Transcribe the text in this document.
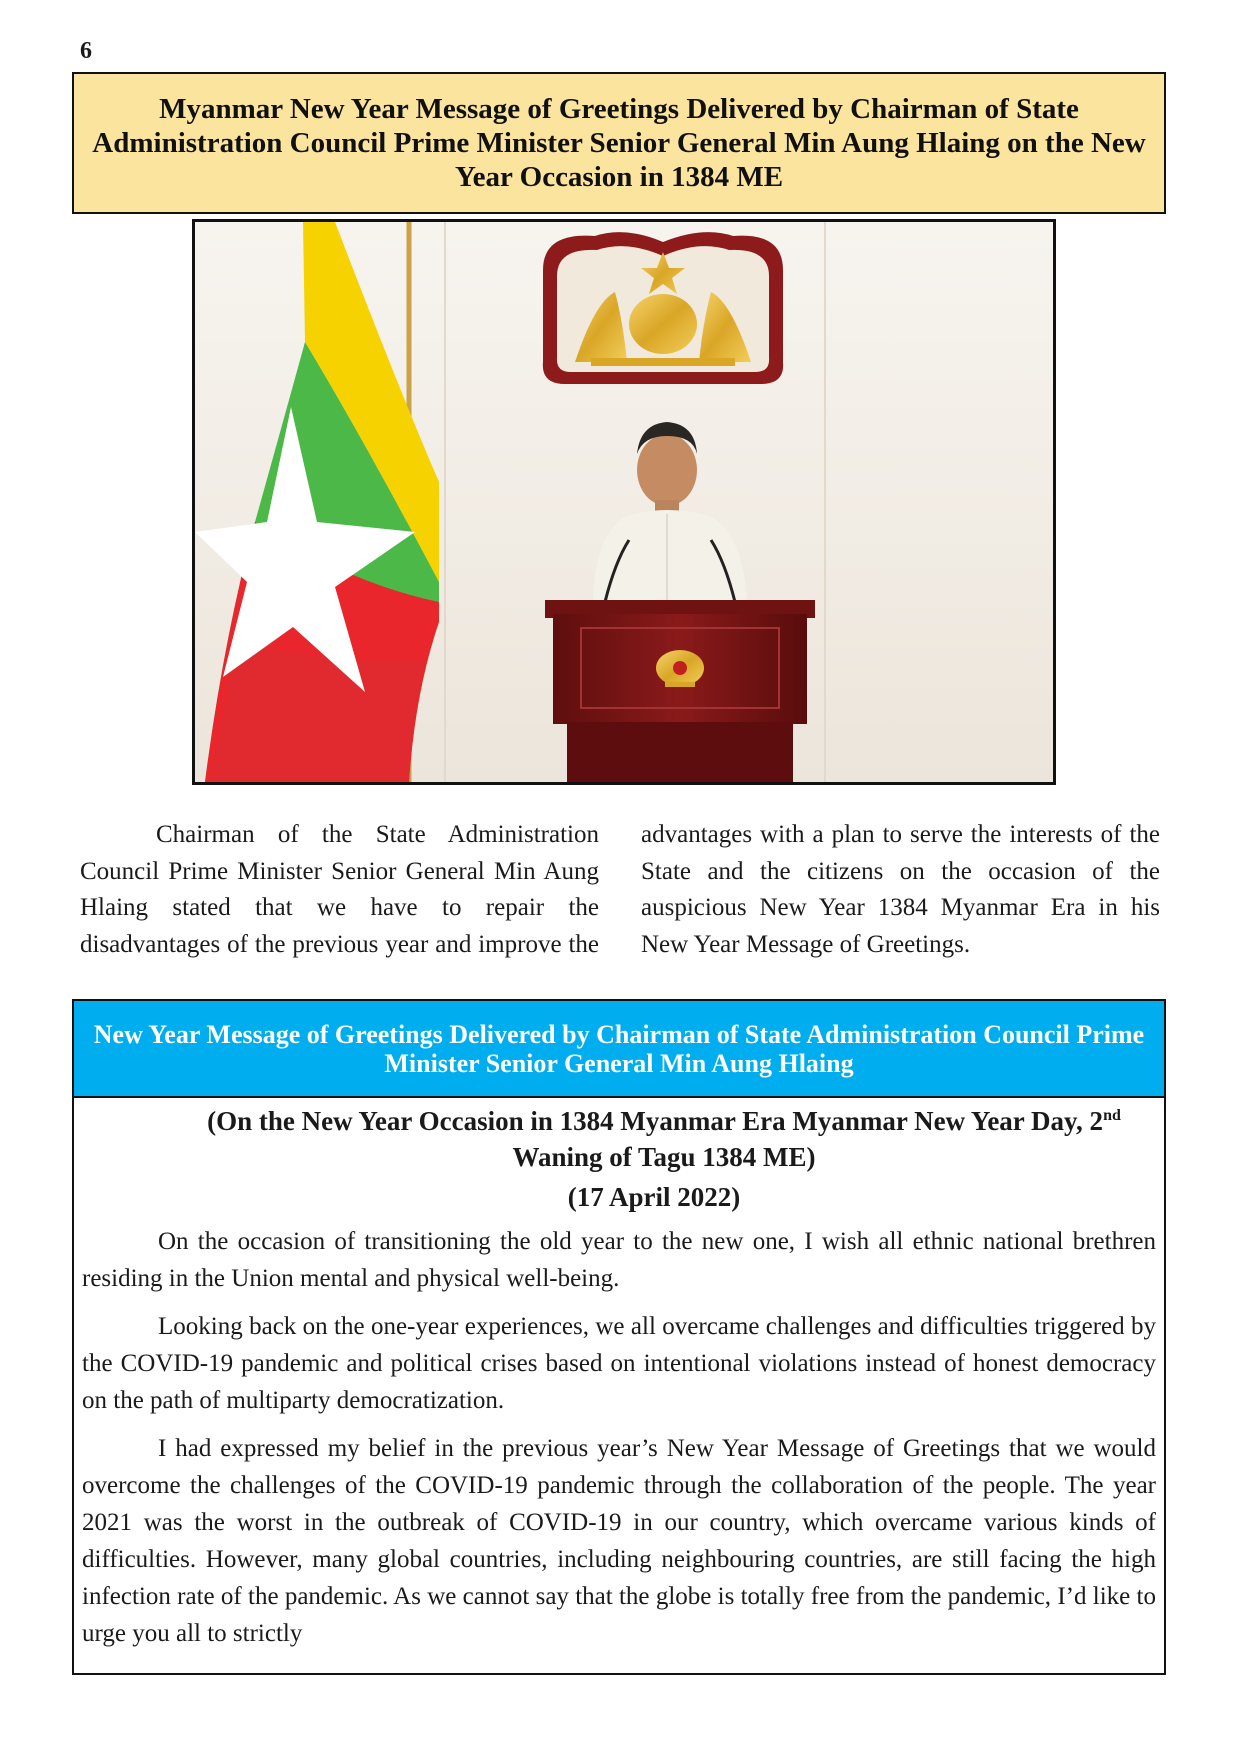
6
Myanmar New Year Message of Greetings Delivered by Chairman of State Administration Council Prime Minister Senior General Min Aung Hlaing on the New Year Occasion in 1384 ME

Chairman of the State Administration Council Prime Minister Senior General Min Aung Hlaing stated that we have to repair the disadvantages of the previous year and improve the advantages with a plan to serve the interests of the State and the citizens on the occasion of the auspicious New Year 1384 Myanmar Era in his New Year Message of Greetings.

New Year Message of Greetings Delivered by Chairman of State Administration Council Prime Minister Senior General Min Aung Hlaing

(On the New Year Occasion in 1384 Myanmar Era Myanmar New Year Day, 2nd Waning of Tagu 1384 ME)

(17 April 2022)

On the occasion of transitioning the old year to the new one, I wish all ethnic national brethren residing in the Union mental and physical well-being.

Looking back on the one-year experiences, we all overcame challenges and difficulties triggered by the COVID-19 pandemic and political crises based on intentional violations instead of honest democracy on the path of multiparty democratization.

I had expressed my belief in the previous year’s New Year Message of Greetings that we would overcome the challenges of the COVID-19 pandemic through the collaboration of the people. The year 2021 was the worst in the outbreak of COVID-19 in our country, which overcame various kinds of difficulties. However, many global countries, including neighbouring countries, are still facing the high infection rate of the pandemic. As we cannot say that the globe is totally free from the pandemic, I’d like to urge you all to strictly
